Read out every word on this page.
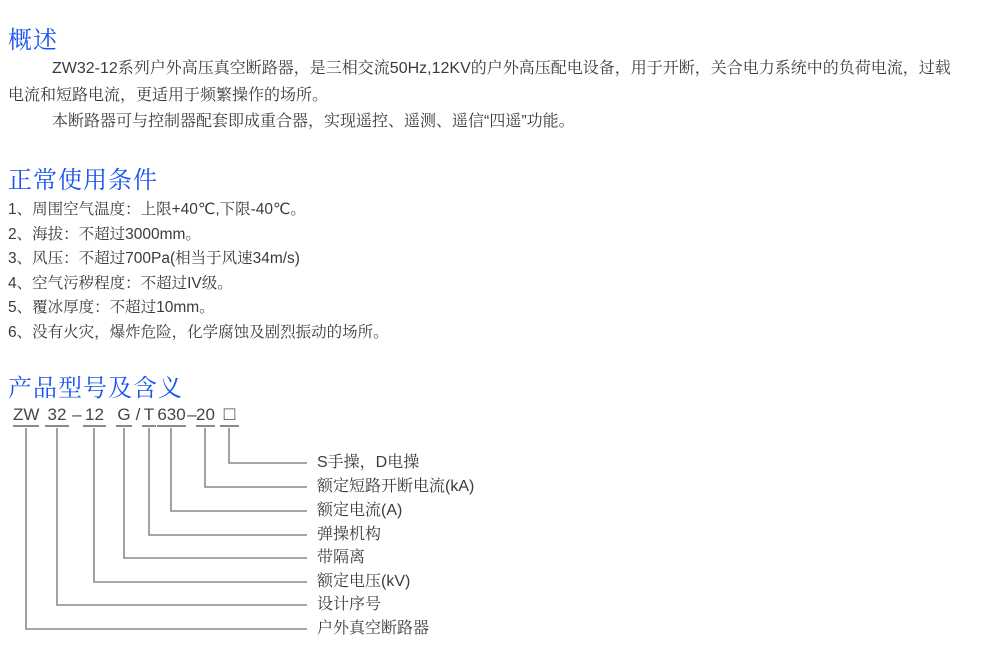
概述

ZW32-12系列户外高压真空断路器，是三相交流50Hz,12KV的户外高压配电设备，用于开断，关合电力系统中的负荷电流，过载电流和短路电流，更适用于频繁操作的场所。

本断路器可与控制器配套即成重合器，实现遥控、遥测、遥信“四遥”功能。

正常使用条件
1、周围空气温度：上限+40℃,下限-40℃。
2、海拔：不超过3000mm。
3、风压：不超过700Pa(相当于风速34m/s)
4、空气污秽程度：不超过IV级。
5、覆冰厚度：不超过10mm。
6、没有火灾，爆炸危险，化学腐蚀及剧烈振动的场所。
产品型号及含义
ZW 32 – 12 G / T 630 – 20 □
S手操，D电操
额定短路开断电流(kA)
额定电流(A)
弹操机构
带隔离
额定电压(kV)
设计序号
户外真空断路器
